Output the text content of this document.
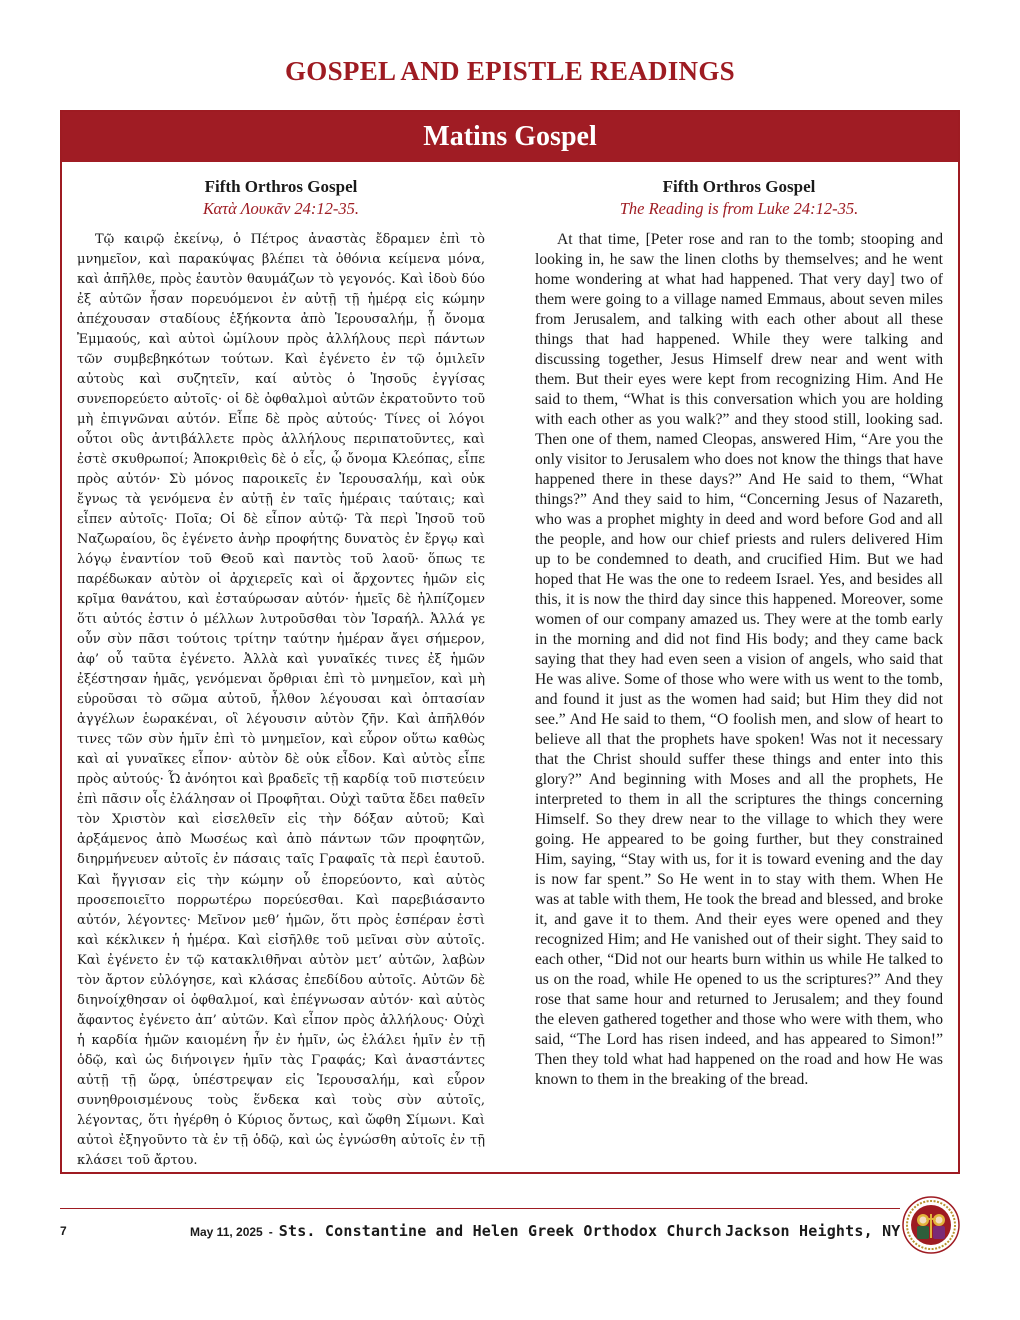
GOSPEL AND EPISTLE READINGS
Matins Gospel
Fifth Orthros Gospel
Κατὰ Λουκᾶν 24:12-35.

Τῷ καιρῷ ἐκείνῳ, ὁ Πέτρος ἀναστὰς ἔδραμεν ἐπὶ τὸ μνημεῖον, καὶ παρακύψας βλέπει τὰ ὀθόνια κείμενα μόνα, καὶ ἀπῆλθε, πρὸς ἑαυτὸν θαυμάζων τὸ γεγονός. Καὶ ἰδοὺ δύο ἐξ αὐτῶν ἦσαν πορευόμενοι ἐν αὐτῇ τῇ ἡμέρᾳ εἰς κώμην ἀπέχουσαν σταδίους ἑξήκοντα ἀπὸ Ἱερουσαλήμ, ᾗ ὄνομα Ἐμμαούς, καὶ αὐτοὶ ὡμίλουν πρὸς ἀλλήλους περὶ πάντων τῶν συμβεβηκότων τούτων. Καὶ ἐγένετο ἐν τῷ ὁμιλεῖν αὐτοὺς καὶ συζητεῖν, καί αὐτὸς ὁ Ἰησοῦς ἐγγίσας συνεπορεύετο αὐτοῖς· οἱ δὲ ὀφθαλμοὶ αὐτῶν ἐκρατοῦντο τοῦ μὴ ἐπιγνῶναι αὐτόν. Εἶπε δὲ πρὸς αὐτούς· Τίνες οἱ λόγοι οὗτοι οὓς ἀντιβάλλετε πρὸς ἀλλήλους περιπατοῦντες, καὶ ἐστὲ σκυθρωποί; Ἀποκριθεὶς δὲ ὁ εἷς, ᾧ ὄνομα Κλεόπας, εἶπε πρὸς αὐτόν· Σὺ μόνος παροικεῖς ἐν Ἱερουσαλήμ, καὶ οὐκ ἔγνως τὰ γενόμενα ἐν αὐτῇ ἐν ταῖς ἡμέραις ταύταις; καὶ εἶπεν αὐτοῖς· Ποῖα; Οἱ δὲ εἶπον αὐτῷ· Τὰ περὶ Ἰησοῦ τοῦ Ναζωραίου, ὃς ἐγένετο ἀνὴρ προφήτης δυνατὸς ἐν ἔργῳ καὶ λόγῳ ἐναντίον τοῦ Θεοῦ καὶ παντὸς τοῦ λαοῦ· ὅπως τε παρέδωκαν αὐτὸν οἱ ἀρχιερεῖς καὶ οἱ ἄρχοντες ἡμῶν εἰς κρῖμα θανάτου, καὶ ἐσταύρωσαν αὐτόν· ἡμεῖς δὲ ἠλπίζομεν ὅτι αὐτός ἐστιν ὁ μέλλων λυτροῦσθαι τὸν Ἰσραήλ. Ἀλλά γε οὖν σὺν πᾶσι τούτοις τρίτην ταύτην ἡμέραν ἄγει σήμερον, ἀφ’ οὗ ταῦτα ἐγένετο. Ἀλλὰ καὶ γυναῖκές τινες ἐξ ἡμῶν ἐξέστησαν ἡμᾶς, γενόμεναι ὄρθριαι ἐπὶ τὸ μνημεῖον, καὶ μὴ εὑροῦσαι τὸ σῶμα αὐτοῦ, ἦλθον λέγουσαι καὶ ὀπτασίαν ἀγγέλων ἑωρακέναι, οἳ λέγουσιν αὐτὸν ζῆν. Καὶ ἀπῆλθόν τινες τῶν σὺν ἡμῖν ἐπὶ τὸ μνημεῖον, καὶ εὗρον οὕτω καθὼς καὶ αἱ γυναῖκες εἶπον· αὐτὸν δὲ οὐκ εἶδον. Καὶ αὐτὸς εἶπε πρὸς αὐτούς· Ὦ ἀνόητοι καὶ βραδεῖς τῇ καρδίᾳ τοῦ πιστεύειν ἐπὶ πᾶσιν οἷς ἐλάλησαν οἱ Προφῆται. Οὐχὶ ταῦτα ἔδει παθεῖν τὸν Χριστὸν καὶ εἰσελθεῖν εἰς τὴν δόξαν αὐτοῦ; Καὶ ἀρξάμενος ἀπὸ Μωσέως καὶ ἀπὸ πάντων τῶν προφητῶν, διηρμήνευεν αὐτοῖς ἐν πάσαις ταῖς Γραφαῖς τὰ περὶ ἑαυτοῦ. Καὶ ἤγγισαν εἰς τὴν κώμην οὗ ἐπορεύοντο, καὶ αὐτὸς προσεποιεῖτο πορρωτέρω πορεύεσθαι. Καὶ παρεβιάσαντο αὐτόν, λέγοντες· Μεῖνον μεθ’ ἡμῶν, ὅτι πρὸς ἑσπέραν ἐστὶ καὶ κέκλικεν ἡ ἡμέρα. Καὶ εἰσῆλθε τοῦ μεῖναι σὺν αὐτοῖς. Καὶ ἐγένετο ἐν τῷ κατακλιθῆναι αὐτὸν μετ’ αὐτῶν, λαβὼν τὸν ἄρτον εὐλόγησε, καὶ κλάσας ἐπεδίδου αὐτοῖς. Αὐτῶν δὲ διηνοίχθησαν οἱ ὀφθαλμοί, καὶ ἐπέγνωσαν αὐτόν· καὶ αὐτὸς ἄφαντος ἐγένετο ἀπ’ αὐτῶν. Καὶ εἶπον πρὸς ἀλλήλους· Οὐχὶ ἡ καρδία ἡμῶν καιομένη ἦν ἐν ἡμῖν, ὡς ἐλάλει ἡμῖν ἐν τῇ ὁδῷ, καὶ ὡς διήνοιγεν ἡμῖν τὰς Γραφάς; Καὶ ἀναστάντες αὐτῇ τῇ ὥρᾳ, ὑπέστρεψαν εἰς Ἱερουσαλήμ, καὶ εὗρον συνηθροισμένους τοὺς ἕνδεκα καὶ τοὺς σὺν αὐτοῖς, λέγοντας, ὅτι ἠγέρθη ὁ Κύριος ὄντως, καὶ ὤφθη Σίμωνι. Καὶ αὐτοὶ ἐξηγοῦντο τὰ ἐν τῇ ὁδῷ, καὶ ὡς ἐγνώσθη αὐτοῖς ἐν τῇ κλάσει τοῦ ἄρτου.

Fifth Orthros Gospel
The Reading is from Luke 24:12-35.

At that time, [Peter rose and ran to the tomb; stooping and looking in, he saw the linen cloths by themselves; and he went home wondering at what had happened. That very day] two of them were going to a village named Emmaus, about seven miles from Jerusalem, and talking with each other about all these things that had happened. While they were talking and discussing together, Jesus Himself drew near and went with them. But their eyes were kept from recognizing Him. And He said to them, “What is this conversation which you are holding with each other as you walk?” and they stood still, looking sad. Then one of them, named Cleopas, answered Him, “Are you the only visitor to Jerusalem who does not know the things that have happened there in these days?” And He said to them, “What things?” And they said to him, “Concerning Jesus of Nazareth, who was a prophet mighty in deed and word before God and all the people, and how our chief priests and rulers delivered Him up to be condemned to death, and crucified Him. But we had hoped that He was the one to redeem Israel. Yes, and besides all this, it is now the third day since this happened. Moreover, some women of our company amazed us. They were at the tomb early in the morning and did not find His body; and they came back saying that they had even seen a vision of angels, who said that He was alive. Some of those who were with us went to the tomb, and found it just as the women had said; but Him they did not see.” And He said to them, “O foolish men, and slow of heart to believe all that the prophets have spoken! Was not it necessary that the Christ should suffer these things and enter into this glory?” And beginning with Moses and all the prophets, He interpreted to them in all the scriptures the things concerning Himself. So they drew near to the village to which they were going. He appeared to be going further, but they constrained Him, saying, “Stay with us, for it is toward evening and the day is now far spent.” So He went in to stay with them. When He was at table with them, He took the bread and blessed, and broke it, and gave it to them. And their eyes were opened and they recognized Him; and He vanished out of their sight. They said to each other, “Did not our hearts burn within us while He talked to us on the road, while He opened to us the scriptures?” And they rose that same hour and returned to Jerusalem; and they found the eleven gathered together and those who were with them, who said, “The Lord has risen indeed, and has appeared to Simon!” Then they told what had happened on the road and how He was known to them in the breaking of the bread.

7	May 11, 2025 - Sts. Constantine and Helen Greek Orthodox Church Jackson Heights, NY
